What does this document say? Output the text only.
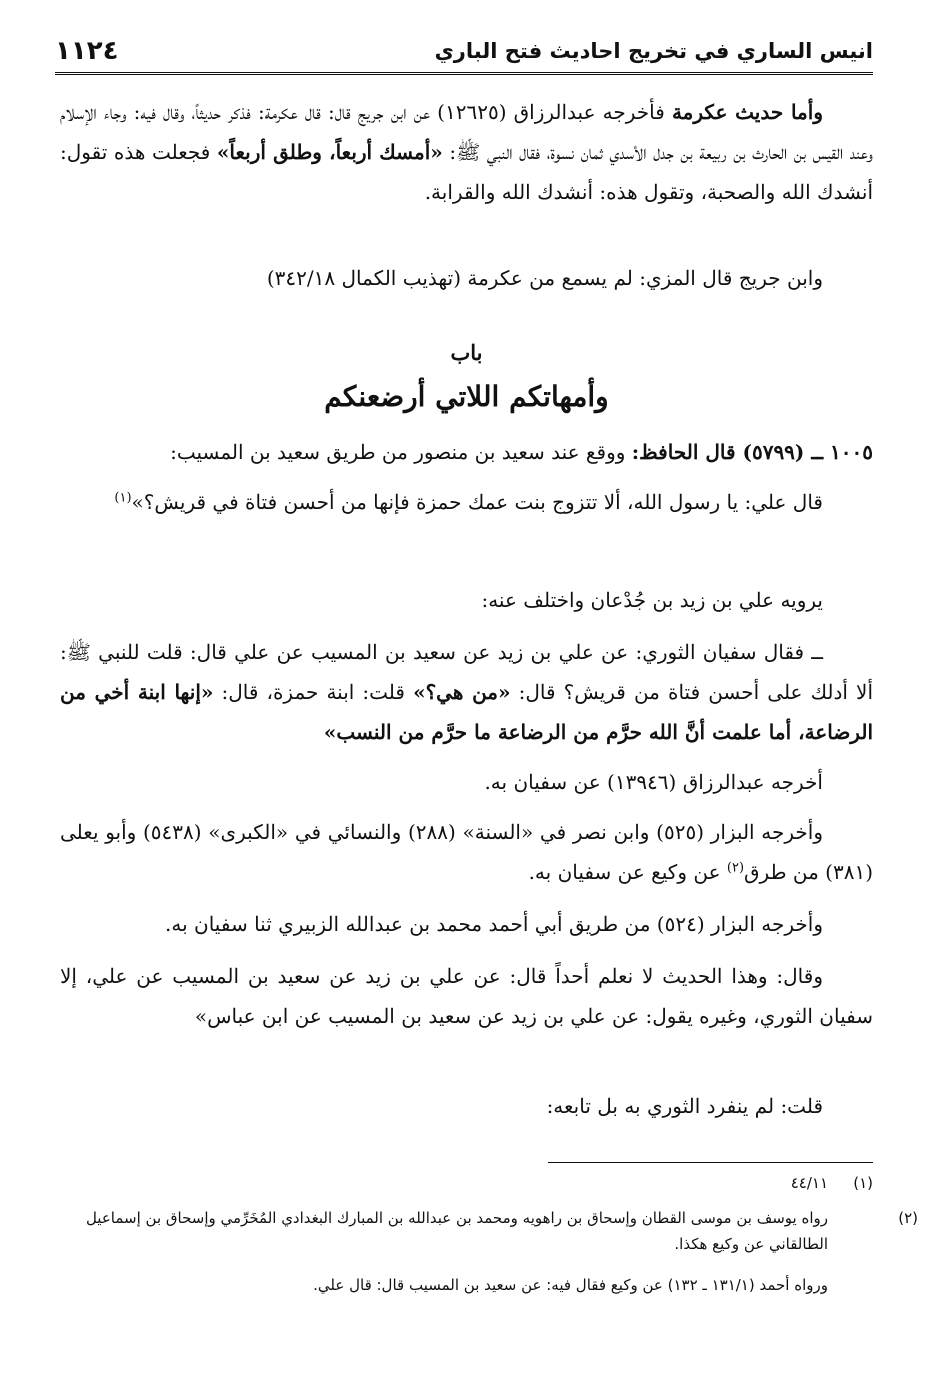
انيس الساري في تخريج احاديث فتح الباري
١١٢٤
وأما حديث عكرمة فأخرجه عبدالرزاق (١٢٦٢٥) عن ابن جريج قال: قال عكرمة: فذكر حديثاً، وقال فيه: وجاء الإسلام وعند القيس بن الحارث بن ربيعة بن جدل الأسدي ثمان نسوة، فقال النبي ﷺ: «أمسك أربعاً، وطلق أربعاً» فجعلت هذه تقول: أنشدك الله والصحبة، وتقول هذه: أنشدك الله والقرابة.
وابن جريج قال المزي: لم يسمع من عكرمة (تهذيب الكمال ٣٤٢/١٨)
باب
وأمهاتكم اللاتي أرضعنكم
١٠٠٥ ــ (٥٧٩٩) قال الحافظ: ووقع عند سعيد بن منصور من طريق سعيد بن المسيب:
قال علي: يا رسول الله، ألا تتزوج بنت عمك حمزة فإنها من أحسن فتاة في قريش؟»$^{(١)}$
يرويه علي بن زيد بن جُدْعان واختلف عنه:
ــ فقال سفيان الثوري: عن علي بن زيد عن سعيد بن المسيب عن علي قال: قلت للنبي ﷺ: ألا أدلك على أحسن فتاة من قريش؟ قال: «من هي؟» قلت: ابنة حمزة، قال: «إنها ابنة أخي من الرضاعة، أما علمت أنَّ الله حرَّم من الرضاعة ما حرَّم من النسب»
أخرجه عبدالرزاق (١٣٩٤٦) عن سفيان به.
وأخرجه البزار (٥٢٥) وابن نصر في «السنة» (٢٨٨) والنسائي في «الكبرى» (٥٤٣٨) وأبو يعلى (٣٨١) من طرق$^{(٢)}$ عن وكيع عن سفيان به.
وأخرجه البزار (٥٢٤) من طريق أبي أحمد محمد بن عبدالله الزبيري ثنا سفيان به.
وقال: وهذا الحديث لا نعلم أحداً قال: عن علي بن زيد عن سعيد بن المسيب عن علي، إلا سفيان الثوري، وغيره يقول: عن علي بن زيد عن سعيد بن المسيب عن ابن عباس»
قلت: لم ينفرد الثوري به بل تابعه:
(١)٤٤/١١
(٢)رواه يوسف بن موسى القطان وإسحاق بن راهويه ومحمد بن عبدالله بن المبارك البغدادي المُخَرِّمي وإسحاق بن إسماعيل الطالقاني عن وكيع هكذا.
ورواه أحمد (١٣١/١ ـ ١٣٢) عن وكيع فقال فيه: عن سعيد بن المسيب قال: قال علي.
